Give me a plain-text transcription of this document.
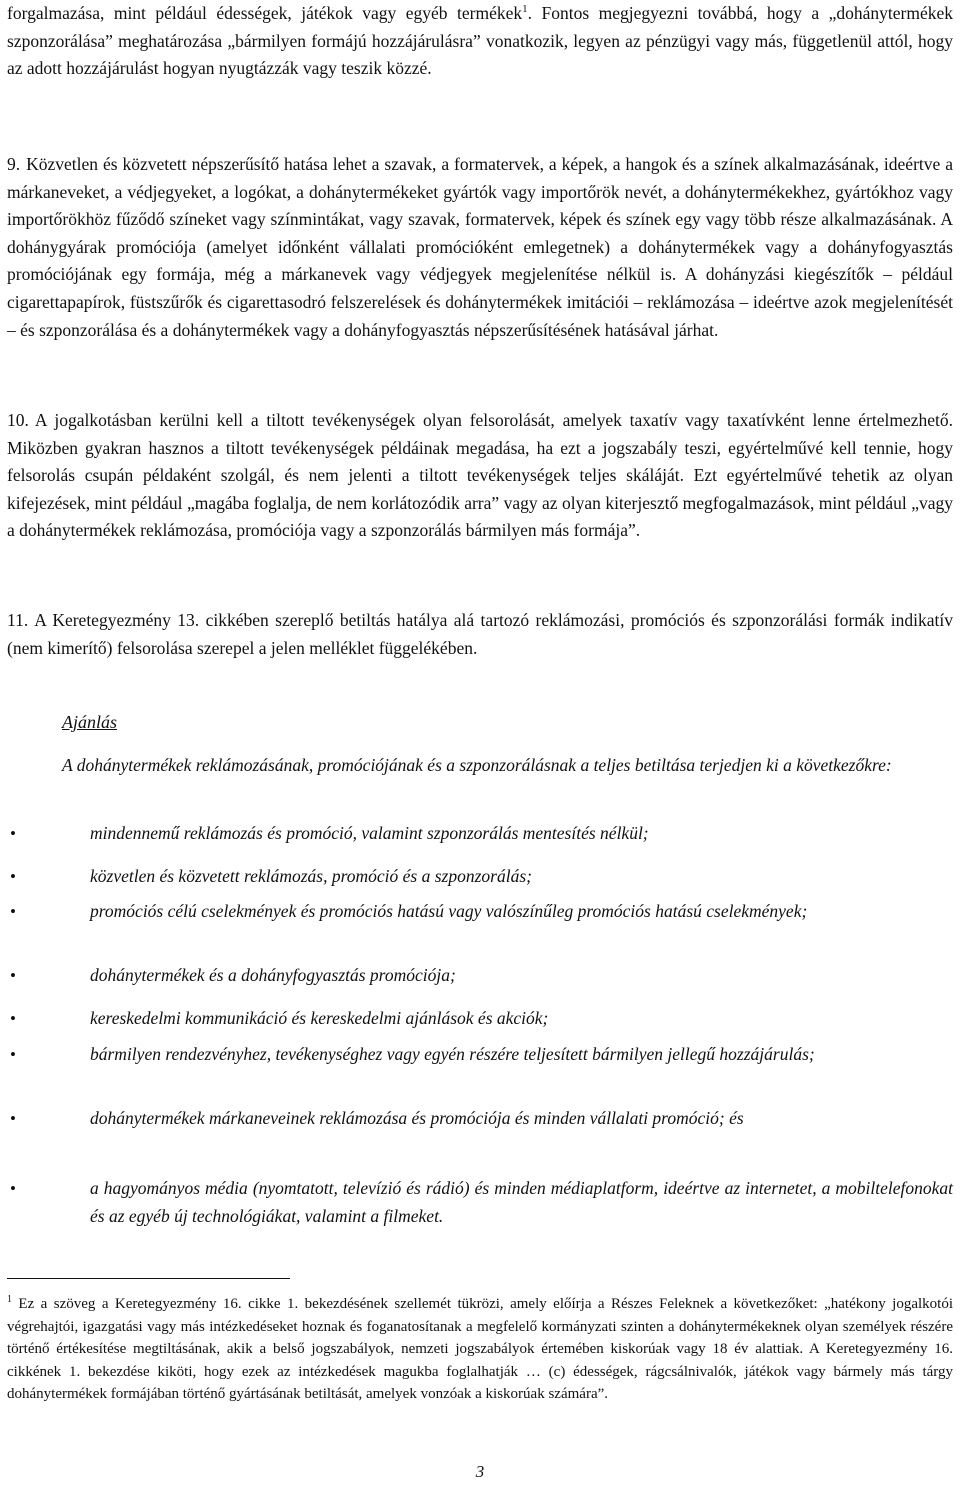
forgalmazása, mint például édességek, játékok vagy egyéb termékek$^1$. Fontos megjegyezni továbbá, hogy a „dohánytermékek szponzorálása” meghatározása „bármilyen formájú hozzájárulásra” vonatkozik, legyen az pénzügyi vagy más, függetlenül attól, hogy az adott hozzájárulást hogyan nyugtázzák vagy teszik közzé.

9. Közvetlen és közvetett népszerűsítő hatása lehet a szavak, a formatervek, a képek, a hangok és a színek alkalmazásának, ideértve a márkaneveket, a védjegyeket, a logókat, a dohánytermékeket gyártók vagy importőrök nevét, a dohánytermékekhez, gyártókhoz vagy importőrökhöz fűződő színeket vagy színmintákat, vagy szavak, formatervek, képek és színek egy vagy több része alkalmazásának. A dohánygyárak promóciója (amelyet időnként vállalati promócióként emlegetnek) a dohánytermékek vagy a dohányfogyasztás promóciójának egy formája, még a márkanevek vagy védjegyek megjelenítése nélkül is. A dohányzási kiegészítők – például cigarettapapírok, füstszűrők és cigarettasodró felszerelések és dohánytermékek imitációi – reklámozása – ideértve azok megjelenítését – és szponzorálása és a dohánytermékek vagy a dohányfogyasztás népszerűsítésének hatásával járhat.

10. A jogalkotásban kerülni kell a tiltott tevékenységek olyan felsorolását, amelyek taxatív vagy taxatívként lenne értelmezhető. Miközben gyakran hasznos a tiltott tevékenységek példáinak megadása, ha ezt a jogszabály teszi, egyértelművé kell tennie, hogy felsorolás csupán példaként szolgál, és nem jelenti a tiltott tevékenységek teljes skáláját. Ezt egyértelművé tehetik az olyan kifejezések, mint például „magába foglalja, de nem korlátozódik arra” vagy az olyan kiterjesztő megfogalmazások, mint például „vagy a dohánytermékek reklámozása, promóciója vagy a szponzorálás bármilyen más formája”.

11. A Keretegyezmény 13. cikkében szereplő betiltás hatálya alá tartozó reklámozási, promóciós és szponzorálási formák indikatív (nem kimerítő) felsorolása szerepel a jelen melléklet függelékében.

Ajánlás

A dohánytermékek reklámozásának, promóciójának és a szponzorálásnak a teljes betiltása terjedjen ki a következőkre:

•	mindennemű reklámozás és promóció, valamint szponzorálás mentesítés nélkül;
•	közvetlen és közvetett reklámozás, promóció és a szponzorálás;
•	promóciós célú cselekmények és promóciós hatású vagy valószínűleg promóciós hatású cselekmények;
•	dohánytermékek és a dohányfogyasztás promóciója;
•	kereskedelmi kommunikáció és kereskedelmi ajánlások és akciók;
•	bármilyen rendezvényhez, tevékenységhez vagy egyén részére teljesített bármilyen jellegű hozzájárulás;
•	dohánytermékek márkaneveinek reklámozása és promóciója és minden vállalati promóció; és
•	a hagyományos média (nyomtatott, televízió és rádió) és minden médiaplatform, ideértve az internetet, a mobiltelefonokat és az egyéb új technológiákat, valamint a filmeket.

$^1$ Ez a szöveg a Keretegyezmény 16. cikke 1. bekezdésének szellemét tükrözi, amely előírja a Részes Feleknek a következőket: „hatékony jogalkotói végrehajtói, igazgatási vagy más intézkedéseket hoznak és foganatosítanak a megfelelő kormányzati szinten a dohánytermékeknek olyan személyek részére történő értékesítése megtiltásának, akik a belső jogszabályok, nemzeti jogszabályok értemében kiskorúak vagy 18 év alattiak. A Keretegyezmény 16. cikkének 1. bekezdése kiköti, hogy ezek az intézkedések magukba foglalhatják … (c) édességek, rágcsálnivalók, játékok vagy bármely más tárgy dohánytermékek formájában történő gyártásának betiltását, amelyek vonzóak a kiskorúak számára”.

3
